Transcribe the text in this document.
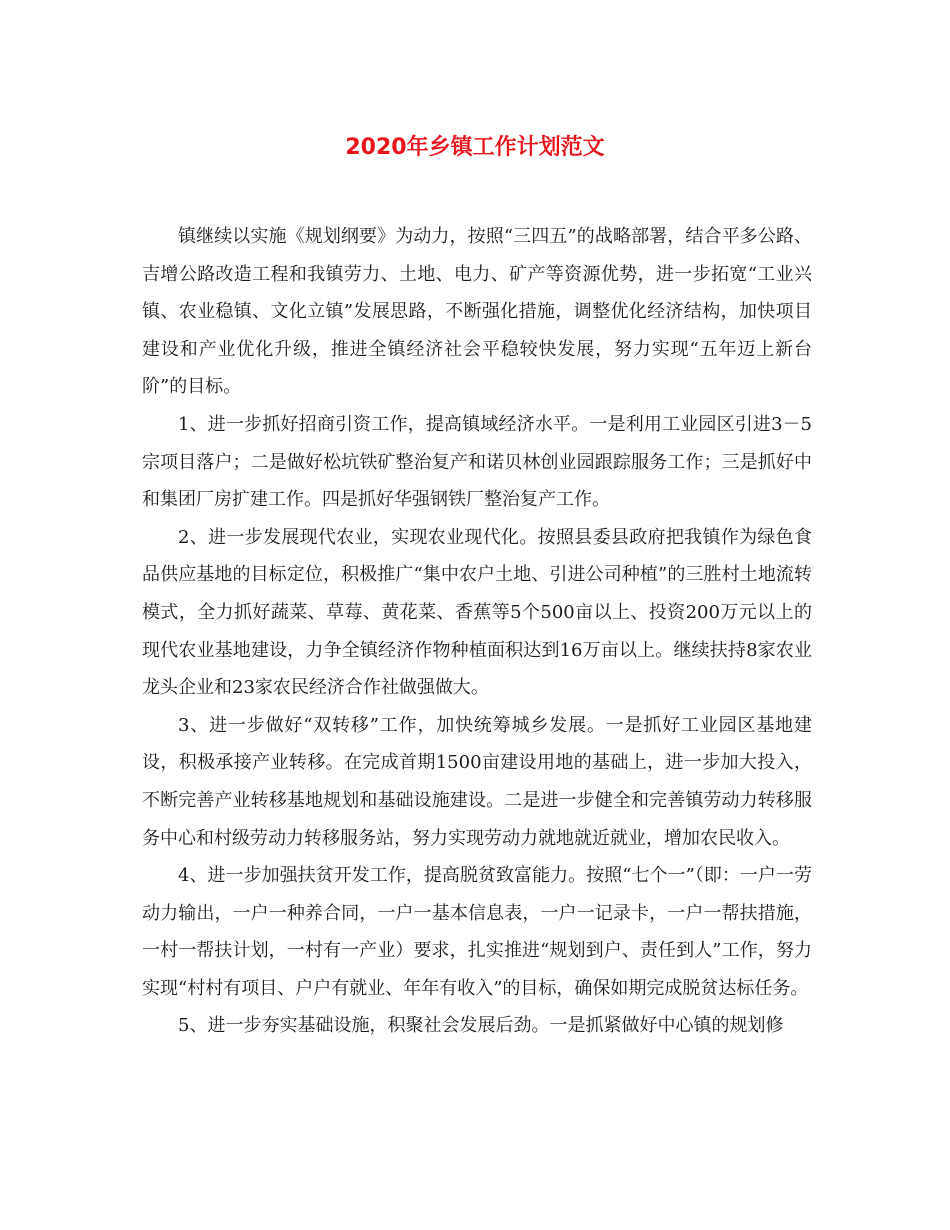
2020年乡镇工作计划范文

镇继续以实施《规划纲要》为动力，按照“三四五”的战略部署，结合平多公路、吉增公路改造工程和我镇劳力、土地、电力、矿产等资源优势，进一步拓宽“工业兴镇、农业稳镇、文化立镇”发展思路，不断强化措施，调整优化经济结构，加快项目建设和产业优化升级，推进全镇经济社会平稳较快发展，努力实现“五年迈上新台阶”的目标。

1、进一步抓好招商引资工作，提高镇域经济水平。一是利用工业园区引进3－5宗项目落户；二是做好松坑铁矿整治复产和诺贝林创业园跟踪服务工作；三是抓好中和集团厂房扩建工作。四是抓好华强钢铁厂整治复产工作。

2、进一步发展现代农业，实现农业现代化。按照县委县政府把我镇作为绿色食品供应基地的目标定位，积极推广“集中农户土地、引进公司种植”的三胜村土地流转模式，全力抓好蔬菜、草莓、黄花菜、香蕉等5个500亩以上、投资200万元以上的现代农业基地建设，力争全镇经济作物种植面积达到16万亩以上。继续扶持8家农业龙头企业和23家农民经济合作社做强做大。

3、进一步做好“双转移”工作，加快统筹城乡发展。一是抓好工业园区基地建设，积极承接产业转移。在完成首期1500亩建设用地的基础上，进一步加大投入，不断完善产业转移基地规划和基础设施建设。二是进一步健全和完善镇劳动力转移服务中心和村级劳动力转移服务站，努力实现劳动力就地就近就业，增加农民收入。

4、进一步加强扶贫开发工作，提高脱贫致富能力。按照“七个一”（即：一户一劳动力输出，一户一种养合同，一户一基本信息表，一户一记录卡，一户一帮扶措施，一村一帮扶计划，一村有一产业）要求，扎实推进“规划到户、责任到人”工作，努力实现“村村有项目、户户有就业、年年有收入”的目标，确保如期完成脱贫达标任务。

5、进一步夯实基础设施，积聚社会发展后劲。一是抓紧做好中心镇的规划修
